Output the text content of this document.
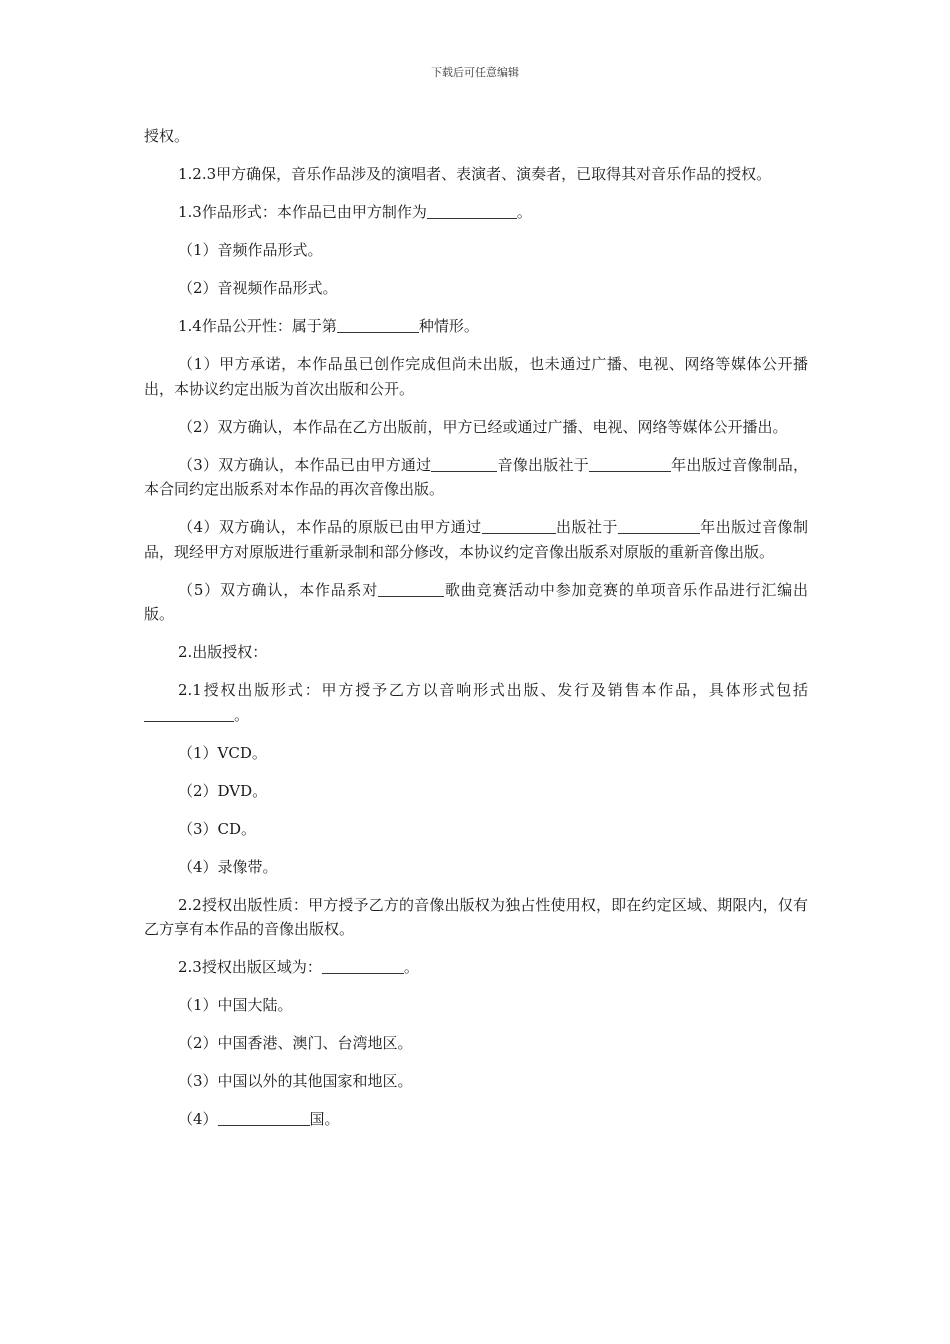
下载后可任意编辑

授权。

1.2.3甲方确保，音乐作品涉及的演唱者、表演者、演奏者，已取得其对音乐作品的授权。

1.3作品形式：本作品已由甲方制作为	。

（1）音频作品形式。

（2）音视频作品形式。

1.4作品公开性：属于第	种情形。

（1）甲方承诺，本作品虽已创作完成但尚未出版，也未通过广播、电视、网络等媒体公开播出，本协议约定出版为首次出版和公开。

（2）双方确认，本作品在乙方出版前，甲方已经或通过广播、电视、网络等媒体公开播出。

（3）双方确认，本作品已由甲方通过	音像出版社于	年出版过音像制品，本合同约定出版系对本作品的再次音像出版。

（4）双方确认，本作品的原版已由甲方通过	出版社于	年出版过音像制品，现经甲方对原版进行重新录制和部分修改，本协议约定音像出版系对原版的重新音像出版。

（5）双方确认，本作品系对	歌曲竞赛活动中参加竞赛的单项音乐作品进行汇编出版。

2.出版授权：

2.1授权出版形式：甲方授予乙方以音响形式出版、发行及销售本作品，具体形式包括。

（1）VCD。

（2）DVD。

（3）CD。

（4）录像带。

2.2授权出版性质：甲方授予乙方的音像出版权为独占性使用权，即在约定区域、期限内，仅有乙方享有本作品的音像出版权。

2.3授权出版区域为：	。

（1）中国大陆。

（2）中国香港、澳门、台湾地区。

（3）中国以外的其他国家和地区。

（4）	国。
